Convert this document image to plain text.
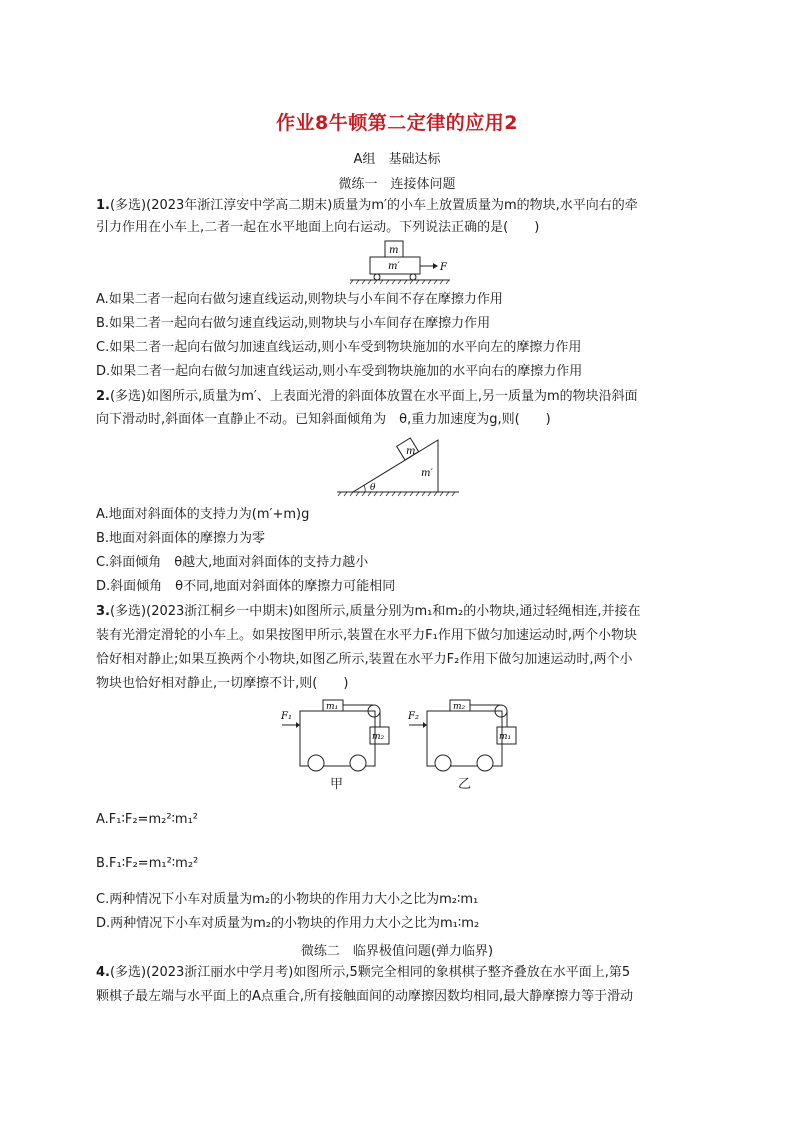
作业8牛顿第二定律的应用2
A组　基础达标
微练一　连接体问题
1.(多选)(2023年浙江淳安中学高二期末)质量为m′的小车上放置质量为m的物块,水平向右的牵
引力作用在小车上,二者一起在水平地面上向右运动。下列说法正确的是(　　)
m
m′	F
A.如果二者一起向右做匀速直线运动,则物块与小车间不存在摩擦力作用
B.如果二者一起向右做匀速直线运动,则物块与小车间存在摩擦力作用
C.如果二者一起向右做匀加速直线运动,则小车受到物块施加的水平向左的摩擦力作用
D.如果二者一起向右做匀加速直线运动,则小车受到物块施加的水平向右的摩擦力作用
2.(多选)如图所示,质量为m′、上表面光滑的斜面体放置在水平面上,另一质量为m的物块沿斜面
向下滑动时,斜面体一直静止不动。已知斜面倾角为　θ,重力加速度为g,则(　　)
m
m′
θ
A.地面对斜面体的支持力为(m′+m)g
B.地面对斜面体的摩擦力为零
C.斜面倾角　θ越大,地面对斜面体的支持力越小
D.斜面倾角　θ不同,地面对斜面体的摩擦力可能相同
3.(多选)(2023浙江桐乡一中期末)如图所示,质量分别为m₁和m₂的小物块,通过轻绳相连,并接在
装有光滑定滑轮的小车上。如果按图甲所示,装置在水平力F₁作用下做匀加速运动时,两个小物块
恰好相对静止;如果互换两个小物块,如图乙所示,装置在水平力F₂作用下做匀加速运动时,两个小
物块也恰好相对静止,一切摩擦不计,则(　　)
m₁
m₂
F₁
甲
m₂
m₁
F₂
乙
A.F₁∶F₂=m₂²∶m₁²
B.F₁∶F₂=m₁²∶m₂²
C.两种情况下小车对质量为m₂的小物块的作用力大小之比为m₂∶m₁
D.两种情况下小车对质量为m₂的小物块的作用力大小之比为m₁∶m₂
微练二　临界极值问题(弹力临界)
4.(多选)(2023浙江丽水中学月考)如图所示,5颗完全相同的象棋棋子整齐叠放在水平面上,第5
颗棋子最左端与水平面上的A点重合,所有接触面间的动摩擦因数均相同,最大静摩擦力等于滑动
